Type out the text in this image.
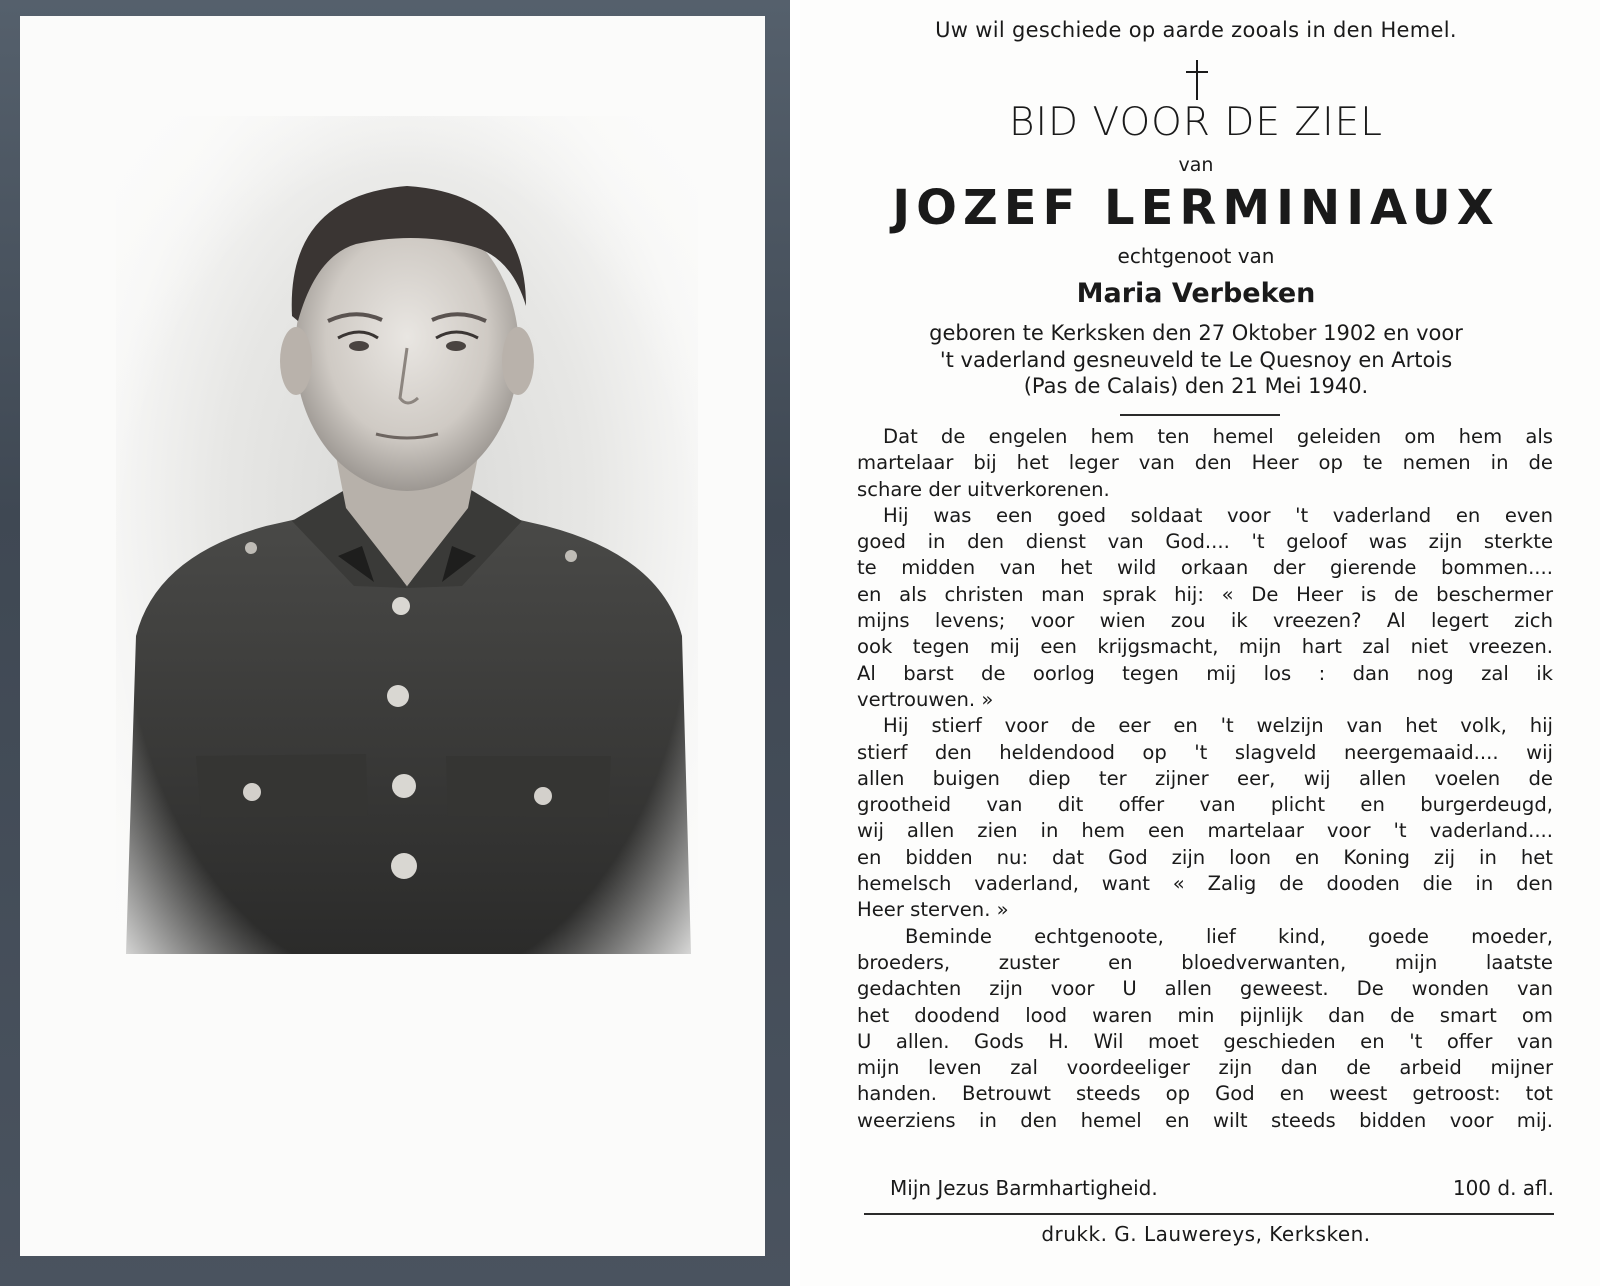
Uw wil geschiede op aarde zooals in den Hemel.
BID VOOR DE ZIEL
van
JOZEF LERMINIAUX
echtgenoot van
Maria Verbeken
geboren te Kerksken den 27 Oktober 1902 en voor
't vaderland gesneuveld te Le Quesnoy en Artois
(Pas de Calais) den 21 Mei 1940.
Dat de engelen hem ten hemel geleiden om hem als
martelaar bij het leger van den Heer op te nemen in de
schare der uitverkorenen.
Hij was een goed soldaat voor 't vaderland en even
goed in den dienst van God.... 't geloof was zijn sterkte
te midden van het wild orkaan der gierende bommen....
en als christen man sprak hij: « De Heer is de beschermer
mijns levens; voor wien zou ik vreezen? Al legert zich
ook tegen mij een krijgsmacht, mijn hart zal niet vreezen.
Al barst de oorlog tegen mij los : dan nog zal ik
vertrouwen. »
Hij stierf voor de eer en 't welzijn van het volk, hij
stierf den heldendood op 't slagveld neergemaaid.... wij
allen buigen diep ter zijner eer, wij allen voelen de
grootheid van dit offer van plicht en burgerdeugd,
wij allen zien in hem een martelaar voor 't vaderland....
en bidden nu: dat God zijn loon en Koning zij in het
hemelsch vaderland, want « Zalig de dooden die in den
Heer sterven. »
Beminde echtgenoote, lief kind, goede moeder,
broeders, zuster en bloedverwanten, mijn laatste
gedachten zijn voor U allen geweest. De wonden van
het doodend lood waren min pijnlijk dan de smart om
U allen. Gods H. Wil moet geschieden en 't offer van
mijn leven zal voordeeliger zijn dan de arbeid mijner
handen. Betrouwt steeds op God en weest getroost: tot
weerziens in den hemel en wilt steeds bidden voor mij.
Mijn Jezus Barmhartigheid.	100 d. afl.
drukk. G. Lauwereys, Kerksken.
